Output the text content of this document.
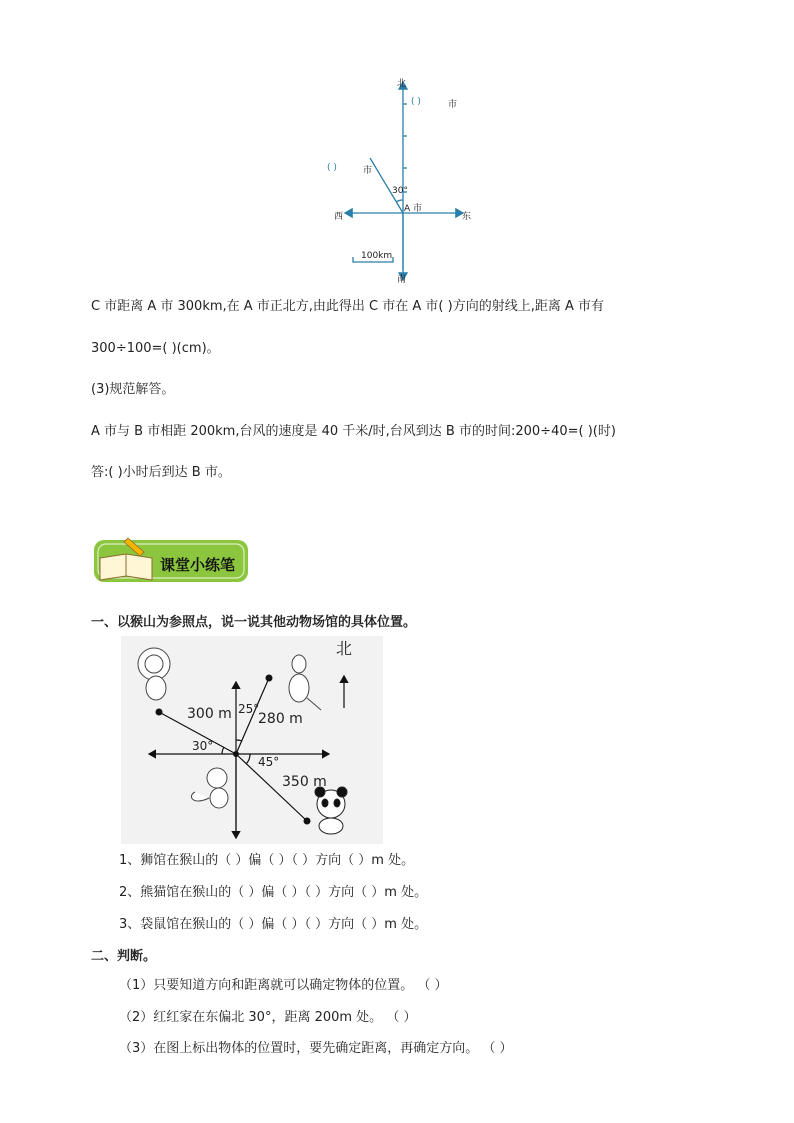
北
南
东
西
( )	市
( )	市
30°
A 市
100km
C 市距离 A 市 300km,在 A 市正北方,由此得出 C 市在 A 市( )方向的射线上,距离 A 市有
300÷100=( )(cm)。
(3)规范解答。
A 市与 B 市相距 200km,台风的速度是 40 千米/时,台风到达 B 市的时间:200÷40=( )(时)
答:( )小时后到达 B 市。
课堂小练笔
一、以猴山为参照点，说一说其他动物场馆的具体位置。
北
300 m 280 m
350 m
25°
30°
45°
1、狮馆在猴山的（ ）偏（ ）（ ）方向（ ）m 处。
2、熊猫馆在猴山的（ ）偏（ ）（ ）方向（ ）m 处。
3、袋鼠馆在猴山的（ ）偏（ ）（ ）方向（ ）m 处。
二、判断。
（1）只要知道方向和距离就可以确定物体的位置。 （ ）
（2）红红家在东偏北 30°，距离 200m 处。 （ ）
（3）在图上标出物体的位置时，要先确定距离，再确定方向。 （ ）
